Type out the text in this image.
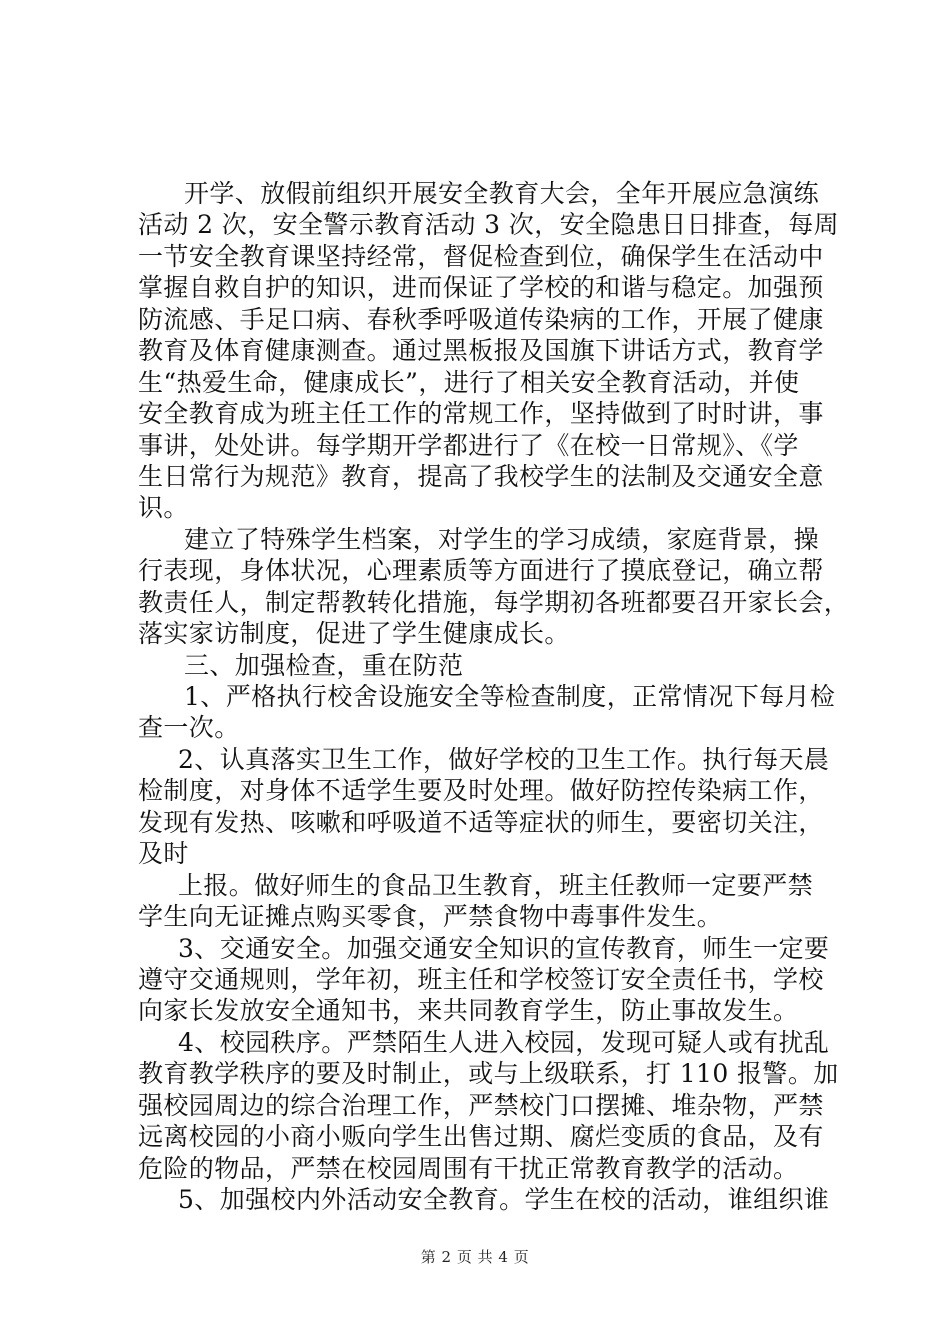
开学、放假前组织开展安全教育大会，全年开展应急演练
活动 2 次，安全警示教育活动 3 次，安全隐患日日排查，每周
一节安全教育课坚持经常，督促检查到位，确保学生在活动中
掌握自救自护的知识，进而保证了学校的和谐与稳定。加强预
防流感、手足口病、春秋季呼吸道传染病的工作，开展了健康
教育及体育健康测查。通过黑板报及国旗下讲话方式，教育学
生“热爱生命，健康成长”，进行了相关安全教育活动，并使
安全教育成为班主任工作的常规工作，坚持做到了时时讲，事
事讲，处处讲。每学期开学都进行了《在校一日常规》、《学
生日常行为规范》教育，提高了我校学生的法制及交通安全意
识。
建立了特殊学生档案，对学生的学习成绩，家庭背景，操
行表现，身体状况，心理素质等方面进行了摸底登记，确立帮
教责任人，制定帮教转化措施，每学期初各班都要召开家长会，
落实家访制度，促进了学生健康成长。
三、加强检查，重在防范
1、严格执行校舍设施安全等检查制度，正常情况下每月检
查一次。
2、认真落实卫生工作，做好学校的卫生工作。执行每天晨
检制度，对身体不适学生要及时处理。做好防控传染病工作，
发现有发热、咳嗽和呼吸道不适等症状的师生，要密切关注，
及时
上报。做好师生的食品卫生教育，班主任教师一定要严禁
学生向无证摊点购买零食，严禁食物中毒事件发生。
3、交通安全。加强交通安全知识的宣传教育，师生一定要
遵守交通规则，学年初，班主任和学校签订安全责任书，学校
向家长发放安全通知书，来共同教育学生，防止事故发生。
4、校园秩序。严禁陌生人进入校园，发现可疑人或有扰乱
教育教学秩序的要及时制止，或与上级联系，打 110 报警。加
强校园周边的综合治理工作，严禁校门口摆摊、堆杂物，严禁
远离校园的小商小贩向学生出售过期、腐烂变质的食品，及有
危险的物品，严禁在校园周围有干扰正常教育教学的活动。
5、加强校内外活动安全教育。学生在校的活动，谁组织谁
第 2 页 共 4 页
